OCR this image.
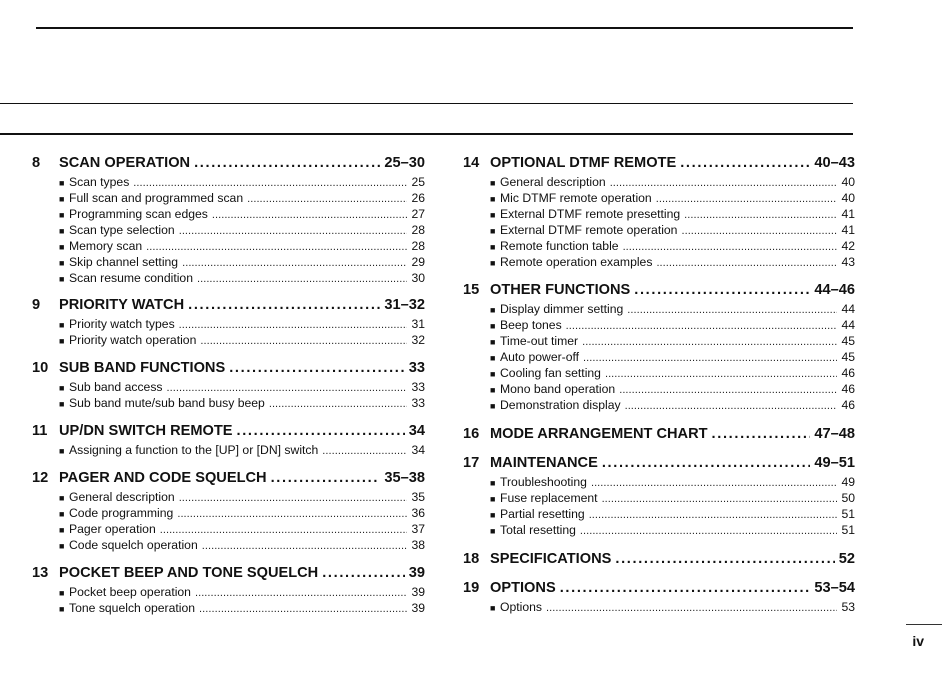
8	SCAN OPERATION . . .	25–30
■ Scan types . . .	25
■ Full scan and programmed scan . . .	26
■ Programming scan edges . . .	27
■ Scan type selection . . .	28
■ Memory scan . . .	28
■ Skip channel setting . . .	29
■ Scan resume condition . . .	30
9	PRIORITY WATCH . . .	31–32
■ Priority watch types . . .	31
■ Priority watch operation . . .	32
10 SUB BAND FUNCTIONS . . .	33
■ Sub band access . . .	33
■ Sub band mute/sub band busy beep . . .	33
11 UP/DN SWITCH REMOTE . . .	34
■ Assigning a function to the [UP] or [DN] switch . . .	34
12 PAGER AND CODE SQUELCH . . .	35–38
■ General description . . .	35
■ Code programming . . .	36
■ Pager operation . . .	37
■ Code squelch operation . . .	38
13 POCKET BEEP AND TONE SQUELCH . . .	39
■ Pocket beep operation . . .	39
■ Tone squelch operation . . .	39
14 OPTIONAL DTMF REMOTE . . .	40–43
■ General description . . .	40
■ Mic DTMF remote operation . . .	40
■ External DTMF remote presetting . . .	41
■ External DTMF remote operation . . .	41
■ Remote function table . . .	42
■ Remote operation examples . . .	43
15 OTHER FUNCTIONS . . .	44–46
■ Display dimmer setting . . .	44
■ Beep tones . . .	44
■ Time-out timer . . .	45
■ Auto power-off . . .	45
■ Cooling fan setting . . .	46
■ Mono band operation . . .	46
■ Demonstration display . . .	46
16 MODE ARRANGEMENT CHART . . .	47–48
17 MAINTENANCE . . .	49–51
■ Troubleshooting . . .	49
■ Fuse replacement . . .	50
■ Partial resetting . . .	51
■ Total resetting . . .	51
18 SPECIFICATIONS . . .	52
19 OPTIONS . . .	53–54
■ Options . . .	53
iv
